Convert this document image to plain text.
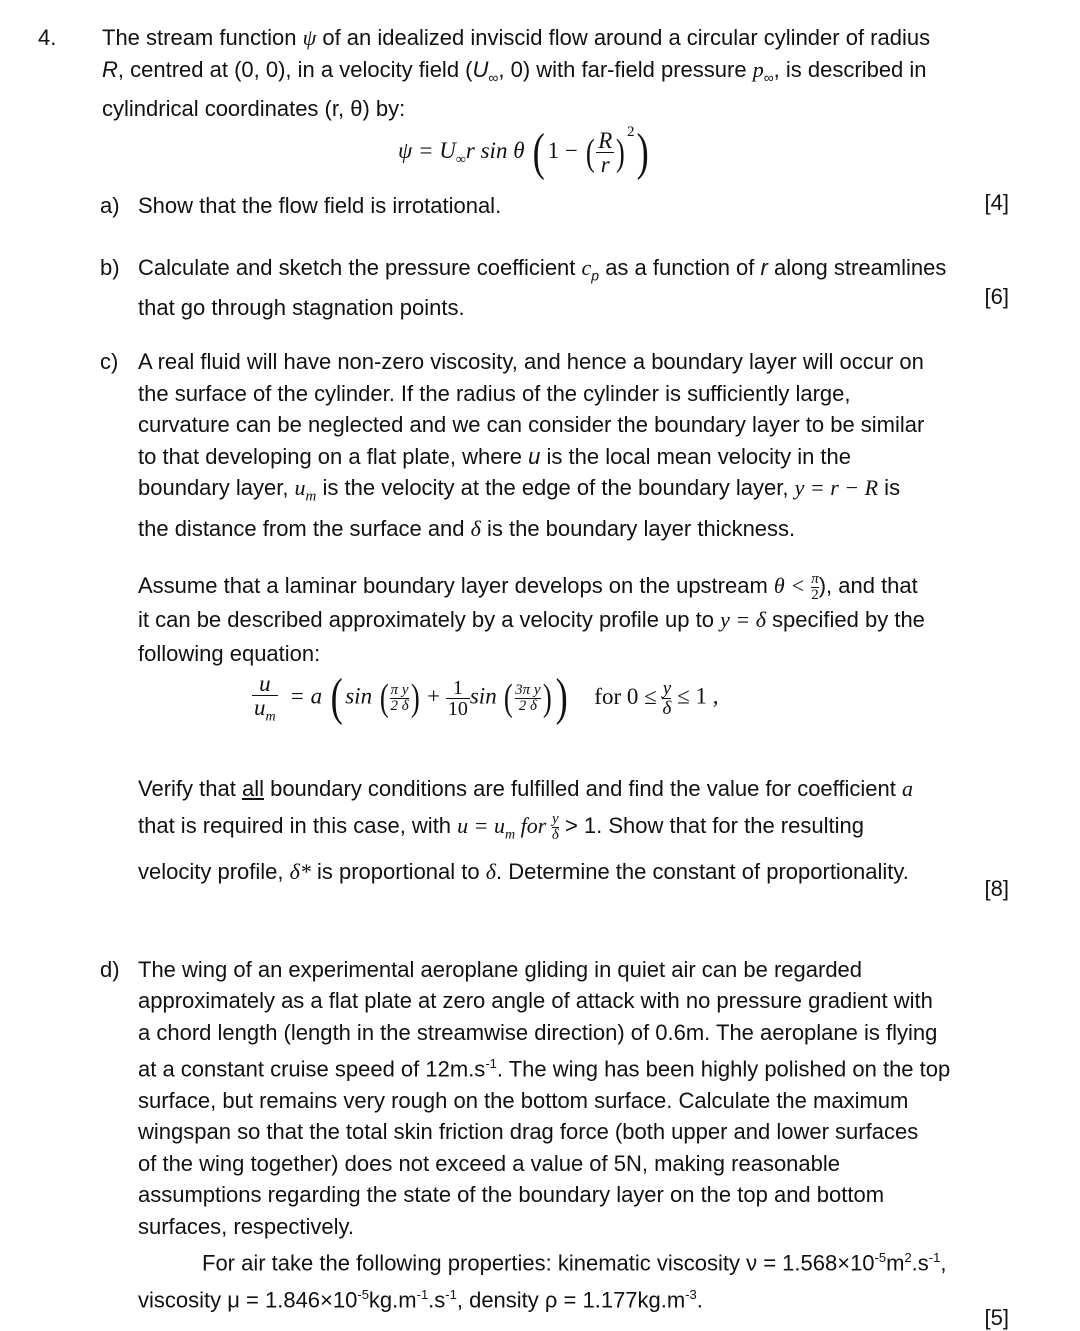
4. The stream function ψ of an idealized inviscid flow around a circular cylinder of radius
R, centred at (0, 0), in a velocity field ($U_\infty$, 0) with far-field pressure $p_\infty$, is described in
cylindrical coordinates (r, θ) by:
$\psi = U_\infty r$ sin θ ( 1 − ( $\frac{R}{r}$ ) $^2$)
a) Show that the flow field is irrotational.	[4]
b) Calculate and sketch the pressure coefficient $c_p$ as a function of r along streamlines
that go through stagnation points.	[6]
c) A real fluid will have non-zero viscosity, and hence a boundary layer will occur on
the surface of the cylinder. If the radius of the cylinder is sufficiently large,
curvature can be neglected and we can consider the boundary layer to be similar
to that developing on a flat plate, where u is the local mean velocity in the
boundary layer, $u_m$ is the velocity at the edge of the boundary layer, y = r − R is
the distance from the surface and δ is the boundary layer thickness.
Assume that a laminar boundary layer develops on the upstream $\theta < \frac{\pi}{2}$ ), and that
it can be described approximately by a velocity profile up to y = δ specified by the
following equation:
$\frac{u}{u_m} = a$ ( sin ( $\frac{\text{π y}}{2 \delta}$ ) + $\frac{1}{10}$ sin ( $\frac{\text{3π y}}{2 \delta}$ )) for $0 \le \frac{y}{\delta} \le 1$ ,
Verify that all boundary conditions are fulfilled and find the value for coefficient a
that is required in this case, with $u = u_m$ for $\frac{y}{\delta} > 1$. Show that for the resulting
velocity profile, δ* is proportional to δ. Determine the constant of proportionality.
[8]
d) The wing of an experimental aeroplane gliding in quiet air can be regarded
approximately as a flat plate at zero angle of attack with no pressure gradient with
a chord length (length in the streamwise direction) of 0.6m. The aeroplane is flying
at a constant cruise speed of $12m.s^{-1}$. The wing has been highly polished on the top
surface, but remains very rough on the bottom surface. Calculate the maximum
wingspan so that the total skin friction drag force (both upper and lower surfaces
of the wing together) does not exceed a value of 5N, making reasonable
assumptions regarding the state of the boundary layer on the top and bottom
surfaces, respectively.
For air take the following properties: kinematic viscosity $\nu = 1.568\times 10^{-5}m^2.s^{-1}$,
viscosity $\mu = 1.846\times 10^{-5}kg.m^{-1}.s^{-1}$, density $\rho = 1.177kg.m^{-3}$.
[5]
